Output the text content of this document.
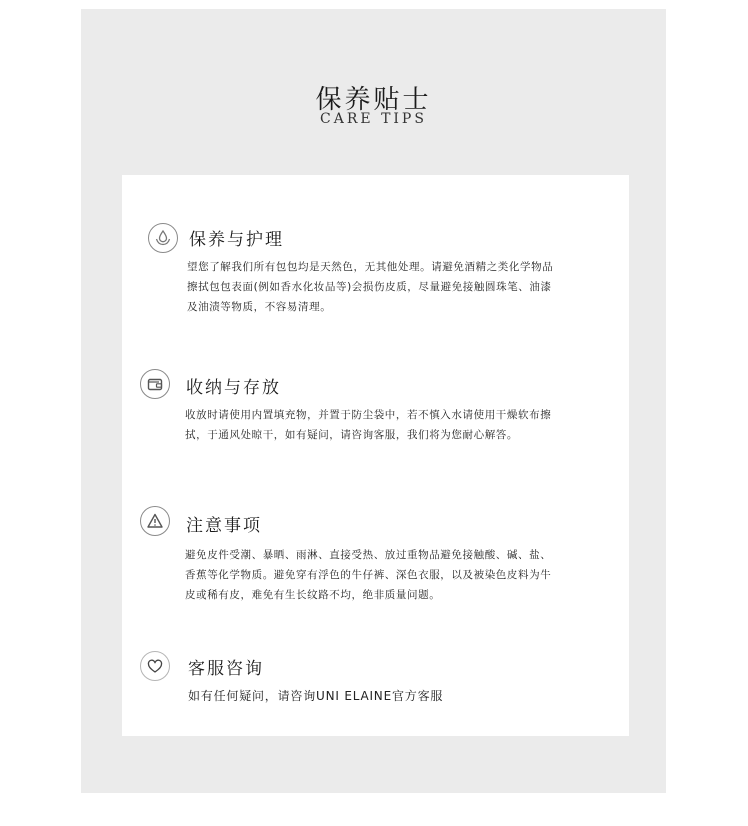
保养贴士
CARE TIPS
保养与护理

望您了解我们所有包包均是天然色，无其他处理。请避免酒精之类化学物品

擦拭包包表面(例如香水化妆品等)会损伤皮质，尽量避免接触圆珠笔、油漆

及油渍等物质，不容易清理。

收纳与存放

收放时请使用内置填充物，并置于防尘袋中，若不慎入水请使用干燥软布擦

拭，于通风处晾干，如有疑问，请咨询客服，我们将为您耐心解答。

注意事项

避免皮件受潮、暴晒、雨淋、直接受热、放过重物品避免接触酸、碱、盐、

香蕉等化学物质。避免穿有浮色的牛仔裤、深色衣服，以及被染色皮料为牛

皮或稀有皮，难免有生长纹路不均，绝非质量问题。

客服咨询

如有任何疑问，请咨询UNI ELAINE官方客服
